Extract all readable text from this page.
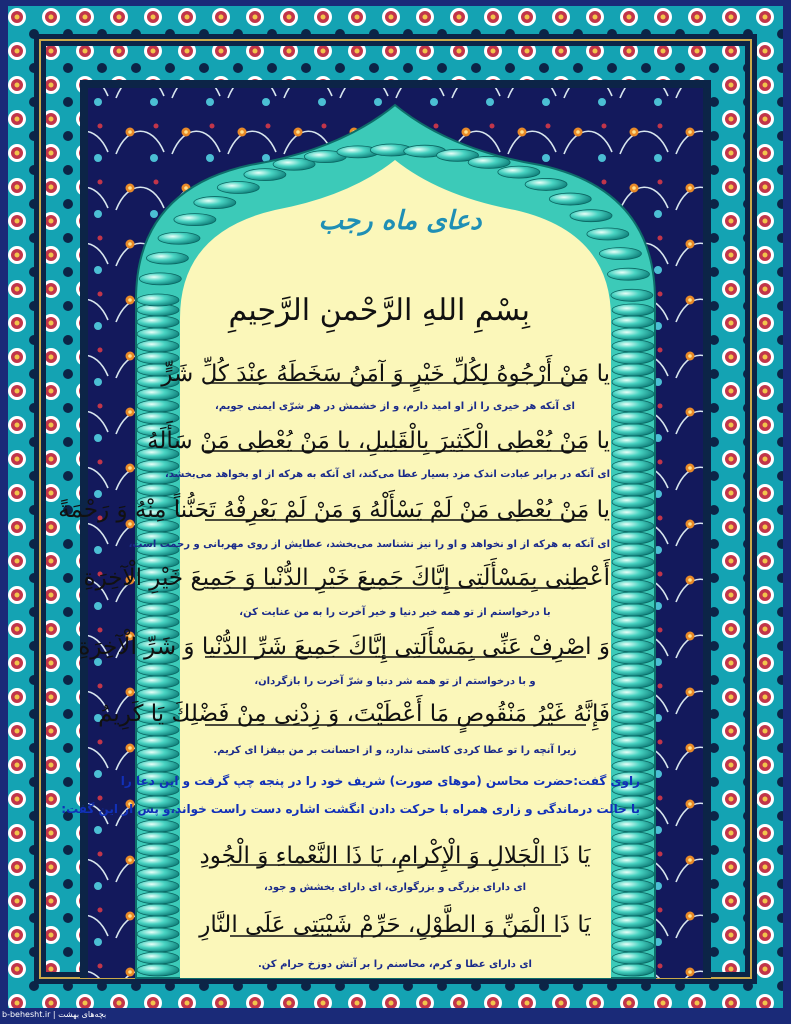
دعای ماه رجب
بِسْمِ اللهِ الرَّحْمنِ الرَّحِیمِ
یا مَنْ أَرْجُوهُ لِكُلِّ خَیْرٍ وَ آمَنُ سَخَطَهُ عِنْدَ كُلِّ شَرٍّ
ای آنکه هر خیری را از او امید دارم، و از خشمش در هر شرّی ایمنی جویم،
یا مَنْ یُعْطِی الْكَثِیرَ بِالْقَلِیلِ، یا مَنْ یُعْطِی مَنْ سَأَلَهُ
ای آنکه در برابر عبادت اندک مزد بسیار عطا می‌کند، ای آنکه به هرکه از او بخواهد می‌بخشد،
یا مَنْ یُعْطِی مَنْ لَمْ یَسْأَلْهُ وَ مَنْ لَمْ یَعْرِفْهُ تَحَنُّناً مِنْهُ وَ رَحْمَةً
ای آنکه به هرکه از او نخواهد و او را نیز نشناسد می‌بخشد، عطایش از روی مهربانی و رحمت است،
أَعْطِنِی بِمَسْأَلَتِی إِیَّاكَ جَمِیعَ خَیْرِ الدُّنْیا وَ جَمِیعَ خَیْرِ الْآخِرَةِ
با درخواستم از تو همه خیر دنیا و خیر آخرت را به من عنایت کن،
وَ اصْرِفْ عَنِّی بِمَسْأَلَتِی إِیَّاكَ جَمِیعَ شَرِّ الدُّنْیا وَ شَرِّ الْآخِرَةِ
و با درخواستم از تو همه شر دنیا و شرّ آخرت را بازگردان،
فَإِنَّهُ غَیْرُ مَنْقُوصٍ مَا أَعْطَیْتَ، وَ زِدْنِی مِنْ فَضْلِكَ یَا كَرِیمُ
زیرا آنچه را تو عطا کردی کاستی ندارد، و از احسانت بر من بیفزا ای کریم.
راوی گفت:حضرت محاسن (موهای صورت) شریف خود را در پنجه چپ گرفت و این دعا را
با حالت درماندگی و زاری همراه با حرکت دادن انگشت اشاره دست راست خواند،و پس از این گفت:
یَا ذَا الْجَلالِ وَ الْإِكْرامِ، یَا ذَا النَّعْماءِ وَ الْجُودِ
ای دارای بزرگی و بزرگواری، ای دارای بخشش و جود،
یَا ذَا الْمَنِّ وَ الطَّوْلِ، حَرِّمْ شَیْبَتِی عَلَى النَّارِ
ای دارای عطا و کرم، محاسنم را بر آتش دوزخ حرام کن.
b-behesht.ir | بچه‌های بهشت
